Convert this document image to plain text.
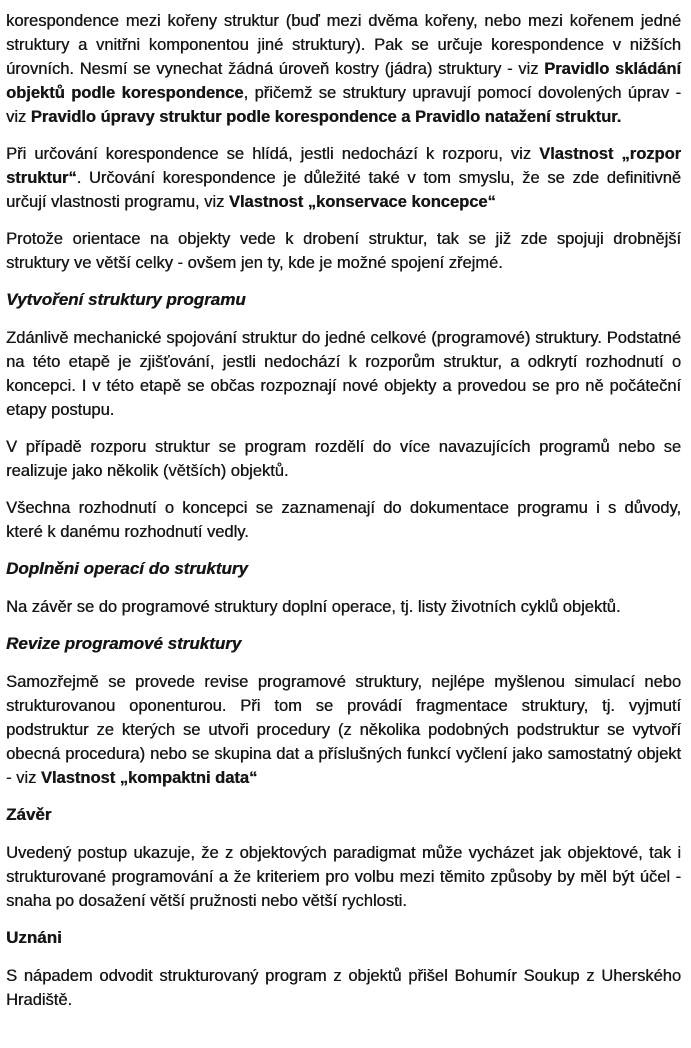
korespondence mezi kořeny struktur (buď mezi dvěma kořeny, nebo mezi kořenem jedné struktury a vnitřni komponentou jiné struktury). Pak se určuje korespondence v nižších úrovních. Nesmí se vynechat žádná úroveň kostry (jádra) struktury - viz Pravidlo skládání objektů podle korespondence, přičemž se struktury upravují pomocí dovolených úprav - viz Pravidlo úpravy struktur podle korespondence a Pravidlo natažení struktur.

Při určování korespondence se hlídá, jestli nedochází k rozporu, viz Vlastnost „rozpor struktur“. Určování korespondence je důležité také v tom smyslu, že se zde definitivně určují vlastnosti programu, viz Vlastnost „konservace koncepce“

Protože orientace na objekty vede k drobení struktur, tak se již zde spojuji drobnější struktury ve větší celky - ovšem jen ty, kde je možné spojení zřejmé.

Vytvoření struktury programu

Zdánlivě mechanické spojování struktur do jedné celkové (programové) struktury. Podstatné na této etapě je zjišťování, jestli nedochází k rozporům struktur, a odkrytí rozhodnutí o koncepci. I v této etapě se občas rozpoznají nové objekty a provedou se pro ně počáteční etapy postupu.

V případě rozporu struktur se program rozdělí do více navazujících programů nebo se realizuje jako několik (větších) objektů.

Všechna rozhodnutí o koncepci se zaznamenají do dokumentace programu i s důvody, které k danému rozhodnutí vedly.

Doplněni operací do struktury

Na závěr se do programové struktury doplní operace, tj. listy životních cyklů objektů.

Revize programové struktury

Samozřejmě se provede revise programové struktury, nejlépe myšlenou simulací nebo strukturovanou oponenturou. Při tom se provádí fragmentace struktury, tj. vyjmutí podstruktur ze kterých se utvoři procedury (z několika podobných podstruktur se vytvoří obecná procedura) nebo se skupina dat a příslušných funkcí vyčlení jako samostatný objekt - viz Vlastnost „kompaktni data“

Závěr

Uvedený postup ukazuje, že z objektových paradigmat může vycházet jak objektové, tak i strukturované programování a že kriteriem pro volbu mezi těmito způsoby by měl být účel - snaha po dosažení větší pružnosti nebo větší rychlosti.

Uznáni

S nápadem odvodit strukturovaný program z objektů přišel Bohumír Soukup z Uherského Hradiště.
